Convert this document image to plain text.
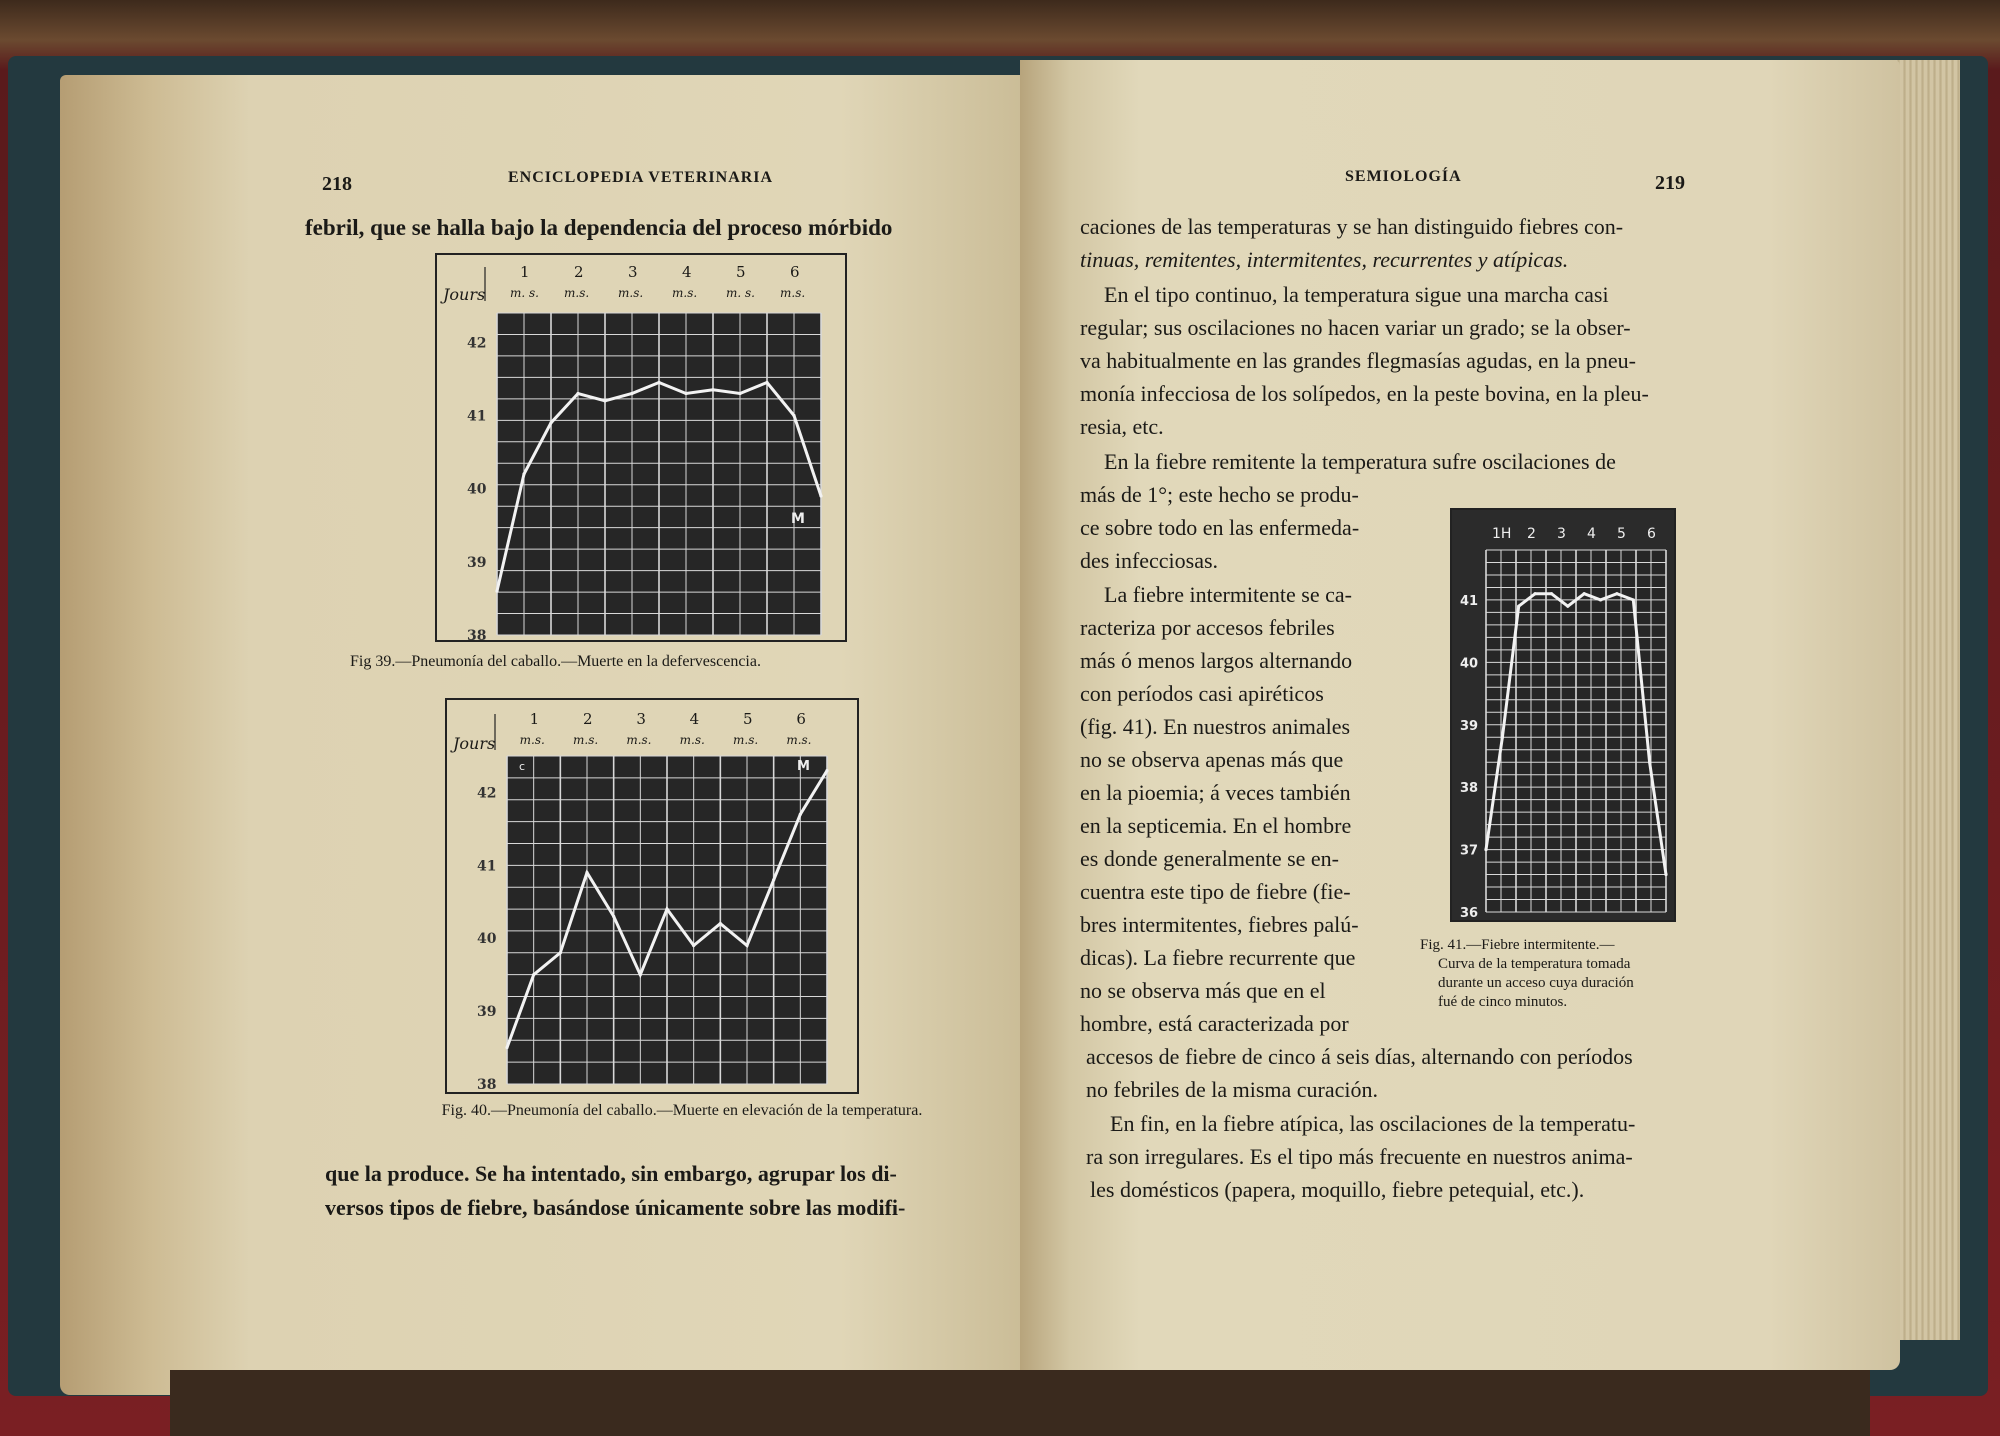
218	ENCICLOPEDIA VETERINARIA
febril, que se halla bajo la dependencia del proceso mórbido
Jours
1	2	3	4	5	6
m. s. m.s. m.s. m.s. m. s. m.s.
42
41
40
39
38
M
Fig 39.—Pneumonía del caballo.—Muerte en la defervescencia.
Jours
1	2	3	4	5	6
m.s. m.s. m.s. m.s. m.s. m.s.
42
41
40
39
38
c	M
Fig. 40.—Pneumonía del caballo.—Muerte en elevación de la temperatura.
que la produce. Se ha intentado, sin embargo, agrupar los di-
versos tipos de fiebre, basándose únicamente sobre las modifi-
SEMIOLOGÍA	219

caciones de las temperaturas y se han distinguido fiebres con-

tinuas, remitentes, intermitentes, recurrentes y atípicas.

En el tipo continuo, la temperatura sigue una marcha casi

regular; sus oscilaciones no hacen variar un grado; se la obser-

va habitualmente en las grandes flegmasías agudas, en la pneu-

monía infecciosa de los solípedos, en la peste bovina, en la pleu-

resia, etc.

En la fiebre remitente la temperatura sufre oscilaciones de

más de 1°; este hecho se produ-

ce sobre todo en las enfermeda-

des infecciosas.

La fiebre intermitente se ca-

racteriza por accesos febriles

más ó menos largos alternando

con períodos casi apiréticos

(fig. 41). En nuestros animales

no se observa apenas más que

en la pioemia; á veces también

en la septicemia. En el hombre

es donde generalmente se en-

cuentra este tipo de fiebre (fie-

bres intermitentes, fiebres palú-

dicas). La fiebre recurrente que

no se observa más que en el

hombre, está caracterizada por

accesos de fiebre de cinco á seis días, alternando con períodos

no febriles de la misma curación.

En fin, en la fiebre atípica, las oscilaciones de la temperatu-

ra son irregulares. Es el tipo más frecuente en nuestros anima-

les domésticos (papera, moquillo, fiebre petequial, etc.).

1H 2 3 4 5 6
41
40
39
38
37
36
Fig. 41.—Fiebre intermitente.—
Curva de la temperatura tomada
durante un acceso cuya duración
fué de cinco minutos.
